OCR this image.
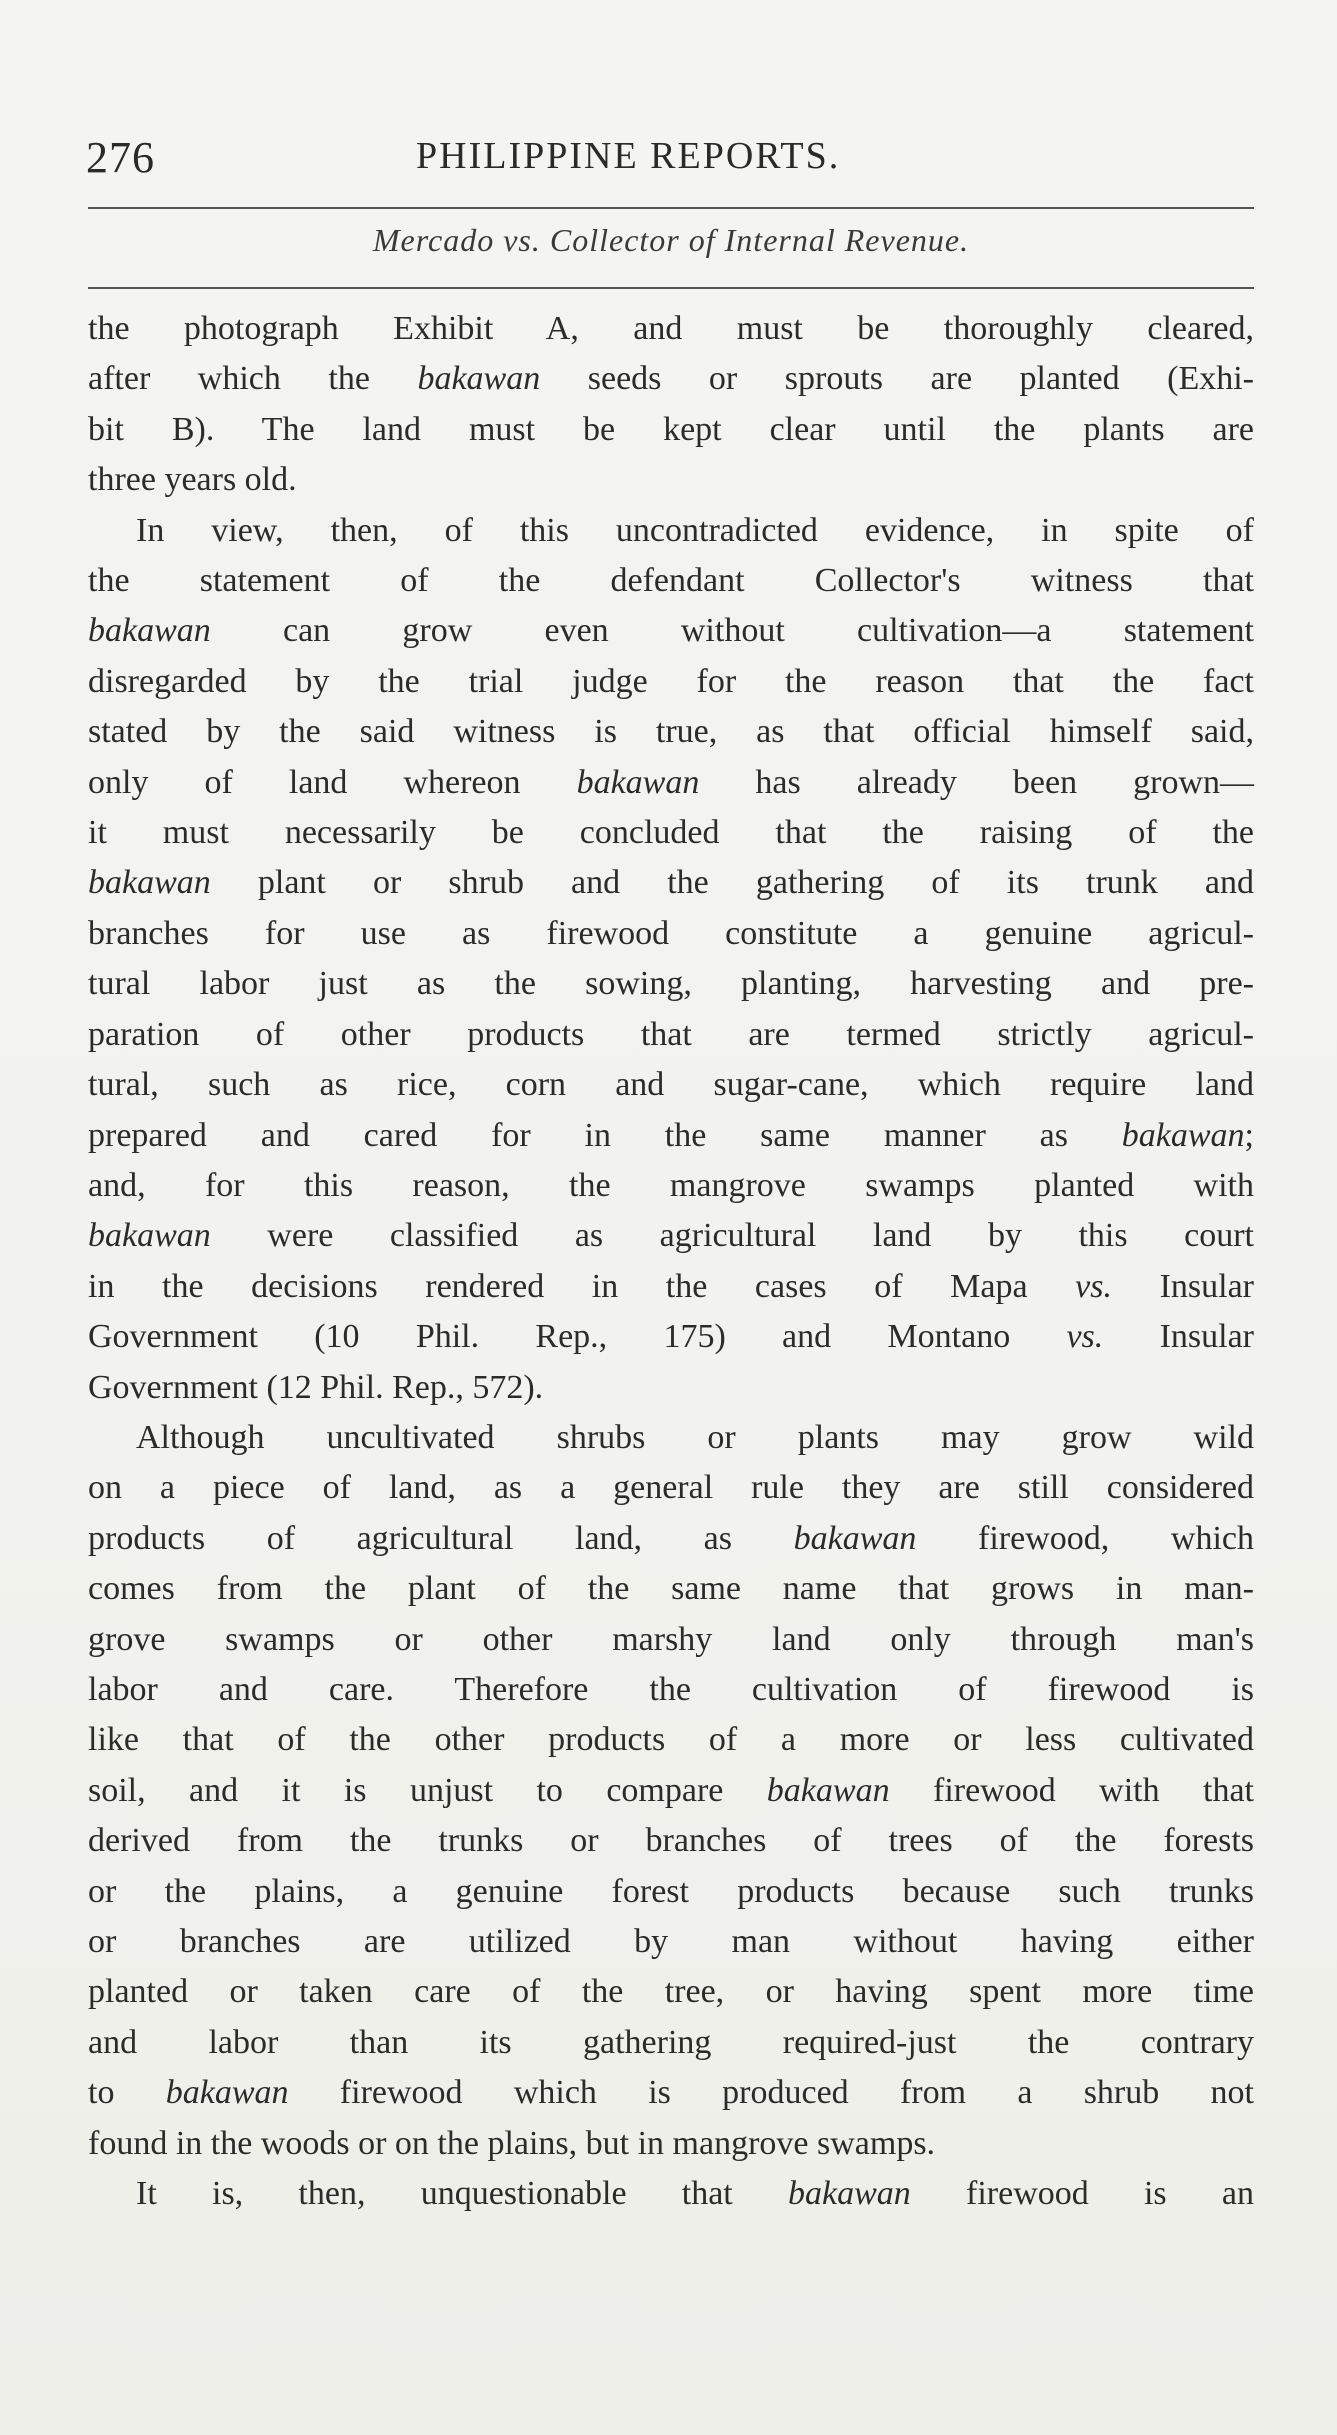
276	PHILIPPINE REPORTS.
Mercado vs. Collector of Internal Revenue.
the photograph Exhibit A, and must be thoroughly cleared,
after which the bakawan seeds or sprouts are planted (Exhi-
bit B). The land must be kept clear until the plants are
three years old.
In view, then, of this uncontradicted evidence, in spite of
the statement of the defendant Collector's witness that
bakawan can grow even without cultivation—a statement
disregarded by the trial judge for the reason that the fact
stated by the said witness is true, as that official himself said,
only of land whereon bakawan has already been grown—
it must necessarily be concluded that the raising of the
bakawan plant or shrub and the gathering of its trunk and
branches for use as firewood constitute a genuine agricul-
tural labor just as the sowing, planting, harvesting and pre-
paration of other products that are termed strictly agricul-
tural, such as rice, corn and sugar-cane, which require land
prepared and cared for in the same manner as bakawan;
and, for this reason, the mangrove swamps planted with
bakawan were classified as agricultural land by this court
in the decisions rendered in the cases of Mapa vs. Insular
Government (10 Phil. Rep., 175) and Montano vs. Insular
Government (12 Phil. Rep., 572).
Although uncultivated shrubs or plants may grow wild
on a piece of land, as a general rule they are still considered
products of agricultural land, as bakawan firewood, which
comes from the plant of the same name that grows in man-
grove swamps or other marshy land only through man's
labor and care. Therefore the cultivation of firewood is
like that of the other products of a more or less cultivated
soil, and it is unjust to compare bakawan firewood with that
derived from the trunks or branches of trees of the forests
or the plains, a genuine forest products because such trunks
or branches are utilized by man without having either
planted or taken care of the tree, or having spent more time
and labor than its gathering required-just the contrary
to bakawan firewood which is produced from a shrub not
found in the woods or on the plains, but in mangrove swamps.
It is, then, unquestionable that bakawan firewood is an
